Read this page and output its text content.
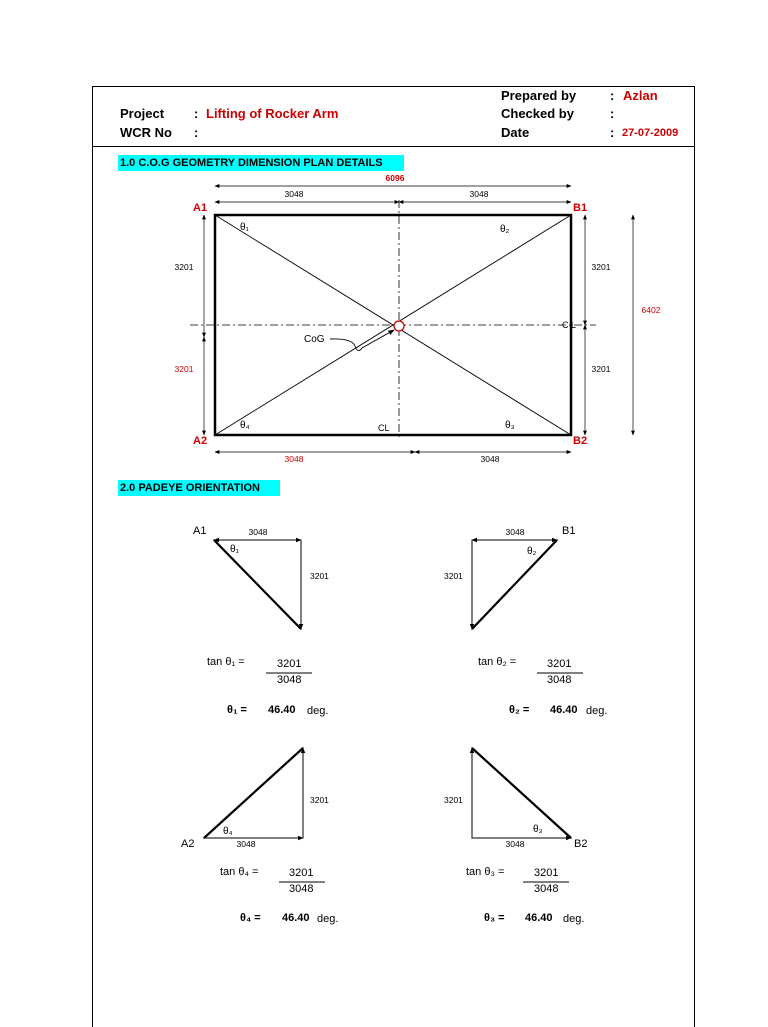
Project : Lifting of Rocker Arm
WCR No :
Prepared by	: Azlan
Checked by	:
Date	: 27-07-2009
1.0 C.O.G GEOMETRY DIMENSION PLAN DETAILS
2.0 PADEYE ORIENTATION
6096
3048	3048
3048	3048
3201
3201
3201
3201
6402
A1	B1
A2	B2
θ₁	θ₂
θ₃
θ₄
CoG
CL
C L
A1
θ₁
3048
3201
B1
θ₂
3048
3201
A2
θ₄
3048
3201
B2
θ₃
3048
3201
tan θ₁ =	3201
3048
θ₁ = 46.40 deg.
tan θ₂ =	3201
3048
θ₂ = 46.40 deg.
tan θ₄ =	3201
3048
θ₄ = 46.40 deg.
tan θ₃ =	3201
3048
θ₃ = 46.40 deg.
